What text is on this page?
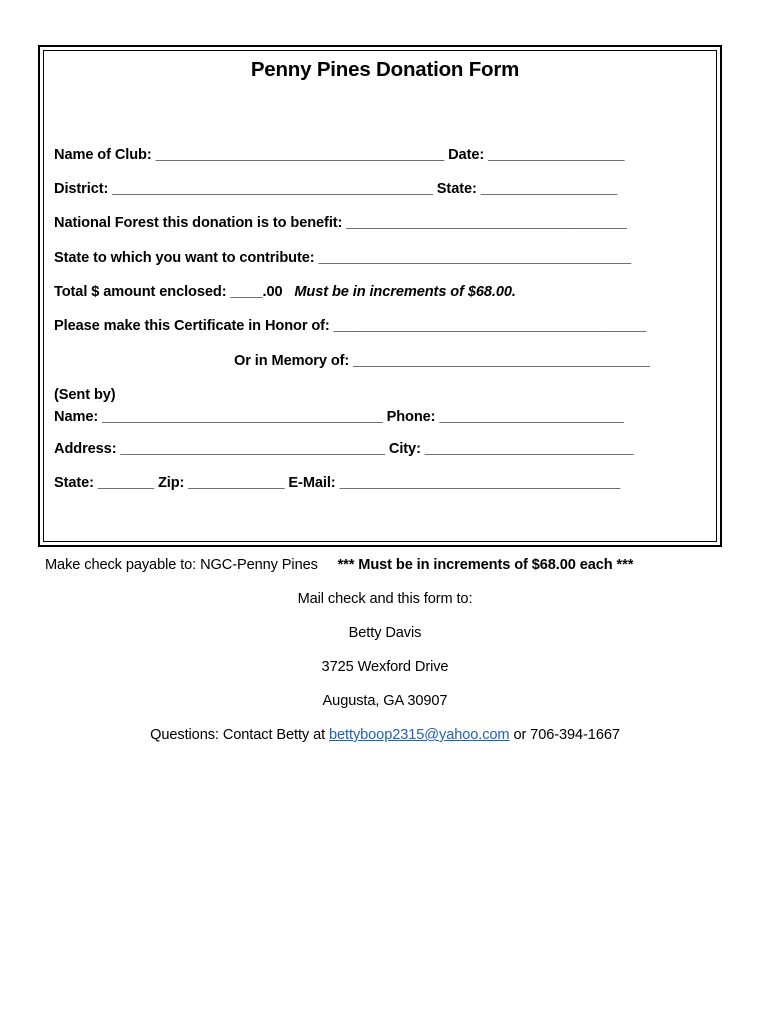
Penny Pines Donation Form
Name of Club: ____________________________________ Date: _________________
District: ________________________________________ State: _________________
National Forest this donation is to benefit: ___________________________________
State to which you want to contribute: _______________________________________
Total $ amount enclosed: ____.00 Must be in increments of $68.00.
Please make this Certificate in Honor of: _______________________________________
Or in Memory of: _____________________________________
(Sent by)
Name: ___________________________________ Phone: _______________________
Address: _________________________________ City: __________________________
State: _______ Zip: ____________ E-Mail: ___________________________________
Make check payable to: NGC-Penny Pines *** Must be in increments of $68.00 each ***
Mail check and this form to:
Betty Davis
3725 Wexford Drive
Augusta, GA 30907
Questions: Contact Betty at bettyboop2315@yahoo.com or 706-394-1667
